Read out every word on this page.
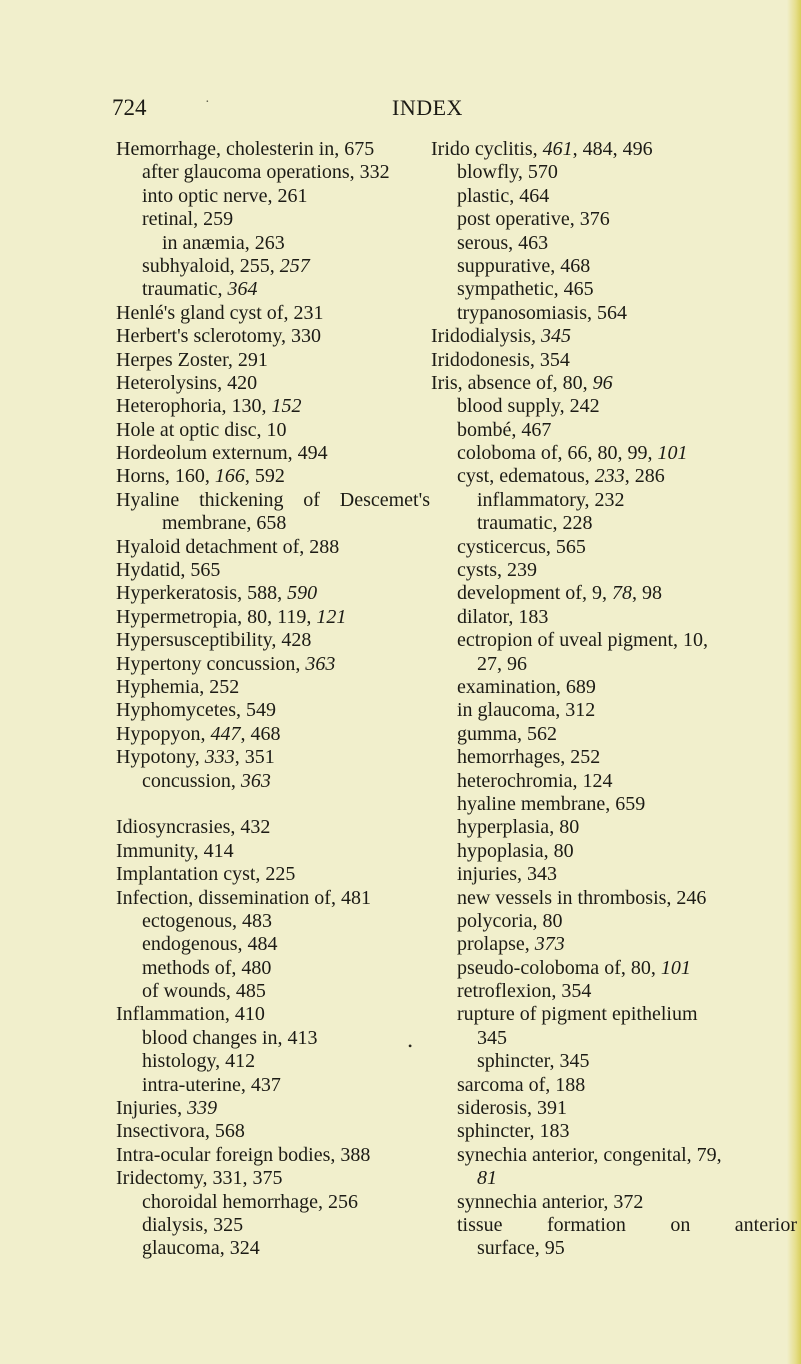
724	·	INDEX
Hemorrhage, cholesterin in, 675
after glaucoma operations, 332
into optic nerve, 261
retinal, 259
in anæmia, 263
subhyaloid, 255, 257
traumatic, 364
Henlé's gland cyst of, 231
Herbert's sclerotomy, 330
Herpes Zoster, 291
Heterolysins, 420
Heterophoria, 130, 152
Hole at optic disc, 10
Hordeolum externum, 494
Horns, 160, 166, 592
Hyaline thickening of Descemet's
membrane, 658
Hyaloid detachment of, 288
Hydatid, 565
Hyperkeratosis, 588, 590
Hypermetropia, 80, 119, 121
Hypersusceptibility, 428
Hypertony concussion, 363
Hyphemia, 252
Hyphomycetes, 549
Hypopyon, 447, 468
Hypotony, 333, 351
concussion, 363
Idiosyncrasies, 432
Immunity, 414
Implantation cyst, 225
Infection, dissemination of, 481
ectogenous, 483
endogenous, 484
methods of, 480
of wounds, 485
Inflammation, 410
blood changes in, 413
histology, 412
intra-uterine, 437
Injuries, 339
Insectivora, 568
Intra-ocular foreign bodies, 388
Iridectomy, 331, 375
choroidal hemorrhage, 256
dialysis, 325
glaucoma, 324
Irido cyclitis, 461, 484, 496
blowfly, 570
plastic, 464
post operative, 376
serous, 463
suppurative, 468
sympathetic, 465
trypanosomiasis, 564
Iridodialysis, 345
Iridodonesis, 354
Iris, absence of, 80, 96
blood supply, 242
bombé, 467
coloboma of, 66, 80, 99, 101
cyst, edematous, 233, 286
inflammatory, 232
traumatic, 228
cysticercus, 565
cysts, 239
development of, 9, 78, 98
dilator, 183
ectropion of uveal pigment, 10,
27, 96
examination, 689
in glaucoma, 312
gumma, 562
hemorrhages, 252
heterochromia, 124
hyaline membrane, 659
hyperplasia, 80
hypoplasia, 80
injuries, 343
new vessels in thrombosis, 246
polycoria, 80
prolapse, 373
pseudo-coloboma of, 80, 101
retroflexion, 354
rupture of pigment epithelium
345
sphincter, 345
sarcoma of, 188
siderosis, 391
sphincter, 183
synechia anterior, congenital, 79,
81
synnechia anterior, 372
tissue formation on anterior
surface, 95
•
